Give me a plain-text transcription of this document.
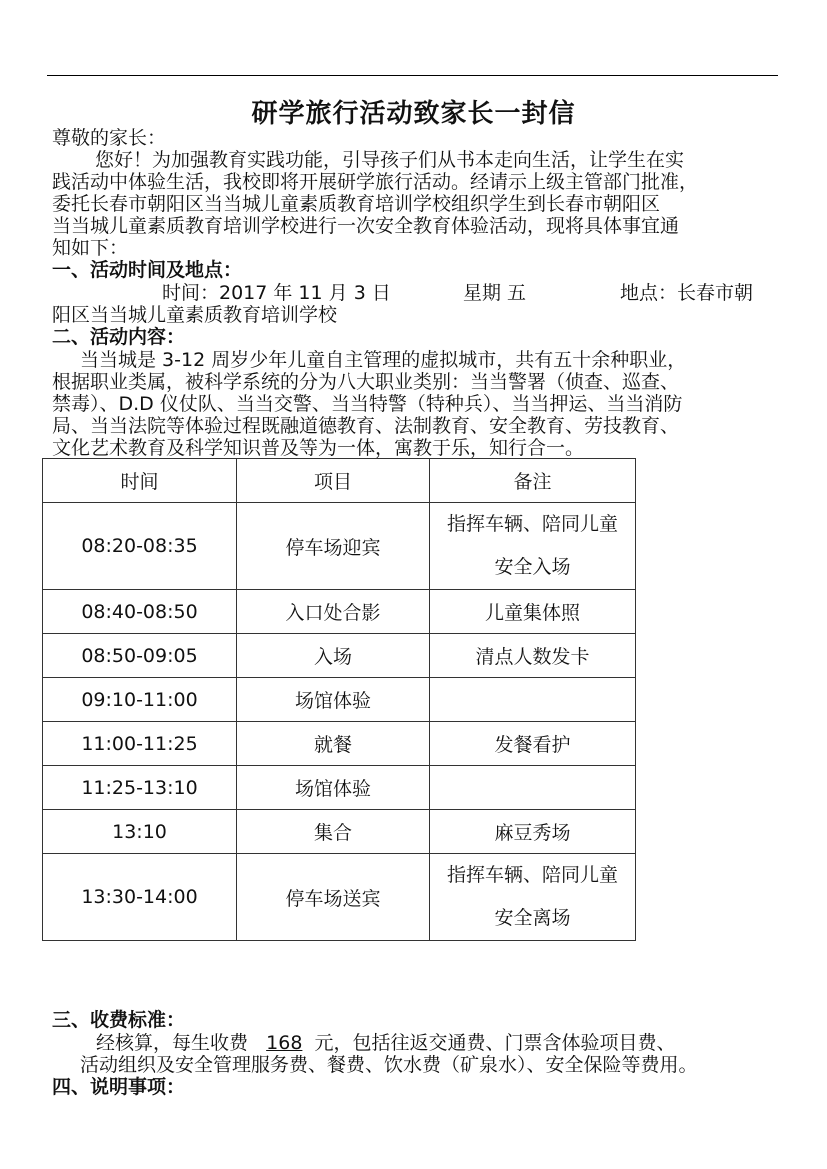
研学旅行活动致家长一封信
尊敬的家长：
您好！为加强教育实践功能，引导孩子们从书本走向生活，让学生在实
践活动中体验生活，我校即将开展研学旅行活动。经请示上级主管部门批准，
委托长春市朝阳区当当城儿童素质教育培训学校组织学生到长春市朝阳区
当当城儿童素质教育培训学校进行一次安全教育体验活动，现将具体事宜通
知如下：
一、活动时间及地点：
时间：2017 年 11 月 3 日	星期 五	地点：长春市朝
阳区当当城儿童素质教育培训学校
二、活动内容：
当当城是 3-12 周岁少年儿童自主管理的虚拟城市，共有五十余种职业，
根据职业类属，被科学系统的分为八大职业类别：当当警署（侦查、巡查、
禁毒）、D.D 仪仗队、当当交警、当当特警（特种兵）、当当押运、当当消防
局、当当法院等体验过程既融道德教育、法制教育、安全教育、劳技教育、
文化艺术教育及科学知识普及等为一体，寓教于乐，知行合一。
时间	项目	备注
08:20-08:35	停车场迎宾	指挥车辆、陪同儿童
安全入场

08:40-08:50	入口处合影	儿童集体照
08:50-09:05	入场	清点人数发卡
09:10-11:00	场馆体验	
11:00-11:25	就餐	发餐看护
11:25-13:10	场馆体验	
13:10	集合	麻豆秀场
13:30-14:00	停车场送宾	指挥车辆、陪同儿童
安全离场
三、收费标准：
经核算，每生收费 168 元，包括往返交通费、门票含体验项目费、
活动组织及安全管理服务费、餐费、饮水费（矿泉水）、安全保险等费用。
四、说明事项：
